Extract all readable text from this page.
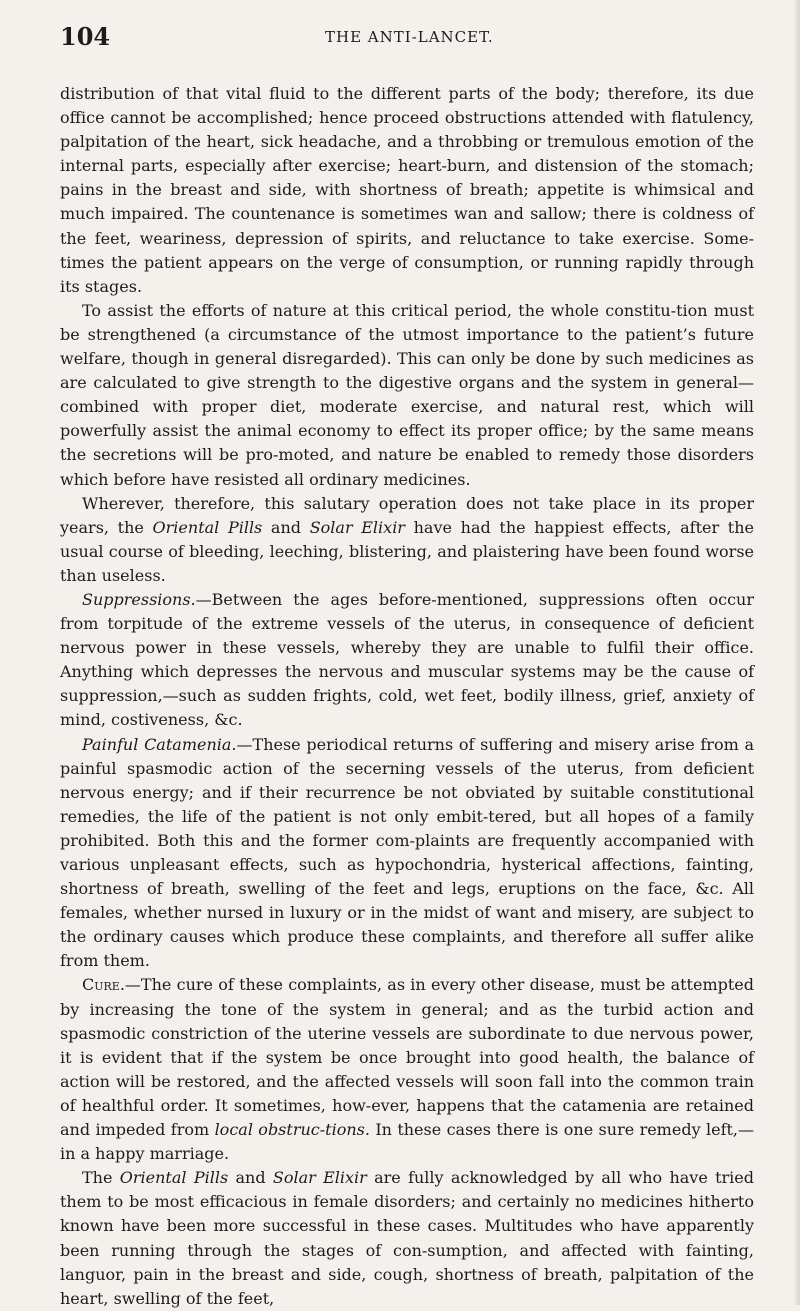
104	THE ANTI-LANCET.

distribution of that vital fluid to the different parts of the body; therefore, its due office cannot be accomplished; hence proceed obstructions attended with flatulency, palpitation of the heart, sick headache, and a throbbing or tremulous emotion of the internal parts, especially after exercise; heart-burn, and distension of the stomach; pains in the breast and side, with shortness of breath; appetite is whimsical and much impaired. The countenance is sometimes wan and sallow; there is coldness of the feet, weariness, depression of spirits, and reluctance to take exercise. Some-times the patient appears on the verge of consumption, or running rapidly through its stages.

To assist the efforts of nature at this critical period, the whole constitu-tion must be strengthened (a circumstance of the utmost importance to the patient’s future welfare, though in general disregarded). This can only be done by such medicines as are calculated to give strength to the digestive organs and the system in general—combined with proper diet, moderate exercise, and natural rest, which will powerfully assist the animal economy to effect its proper office; by the same means the secretions will be pro-moted, and nature be enabled to remedy those disorders which before have resisted all ordinary medicines.

Wherever, therefore, this salutary operation does not take place in its proper years, the Oriental Pills and Solar Elixir have had the happiest effects, after the usual course of bleeding, leeching, blistering, and plaistering have been found worse than useless.

Suppressions.—Between the ages before-mentioned, suppressions often occur from torpitude of the extreme vessels of the uterus, in consequence of deficient nervous power in these vessels, whereby they are unable to fulfil their office. Anything which depresses the nervous and muscular systems may be the cause of suppression,—such as sudden frights, cold, wet feet, bodily illness, grief, anxiety of mind, costiveness, &c.

Painful Catamenia.—These periodical returns of suffering and misery arise from a painful spasmodic action of the secerning vessels of the uterus, from deficient nervous energy; and if their recurrence be not obviated by suitable constitutional remedies, the life of the patient is not only embit-tered, but all hopes of a family prohibited. Both this and the former com-plaints are frequently accompanied with various unpleasant effects, such as hypochondria, hysterical affections, fainting, shortness of breath, swelling of the feet and legs, eruptions on the face, &c. All females, whether nursed in luxury or in the midst of want and misery, are subject to the ordinary causes which produce these complaints, and therefore all suffer alike from them.

Cure.—The cure of these complaints, as in every other disease, must be attempted by increasing the tone of the system in general; and as the turbid action and spasmodic constriction of the uterine vessels are subordinate to due nervous power, it is evident that if the system be once brought into good health, the balance of action will be restored, and the affected vessels will soon fall into the common train of healthful order. It sometimes, how-ever, happens that the catamenia are retained and impeded from local obstruc-tions. In these cases there is one sure remedy left,—in a happy marriage.

The Oriental Pills and Solar Elixir are fully acknowledged by all who have tried them to be most efficacious in female disorders; and certainly no medicines hitherto known have been more successful in these cases. Multitudes who have apparently been running through the stages of con-sumption, and affected with fainting, languor, pain in the breast and side, cough, shortness of breath, palpitation of the heart, swelling of the feet,
